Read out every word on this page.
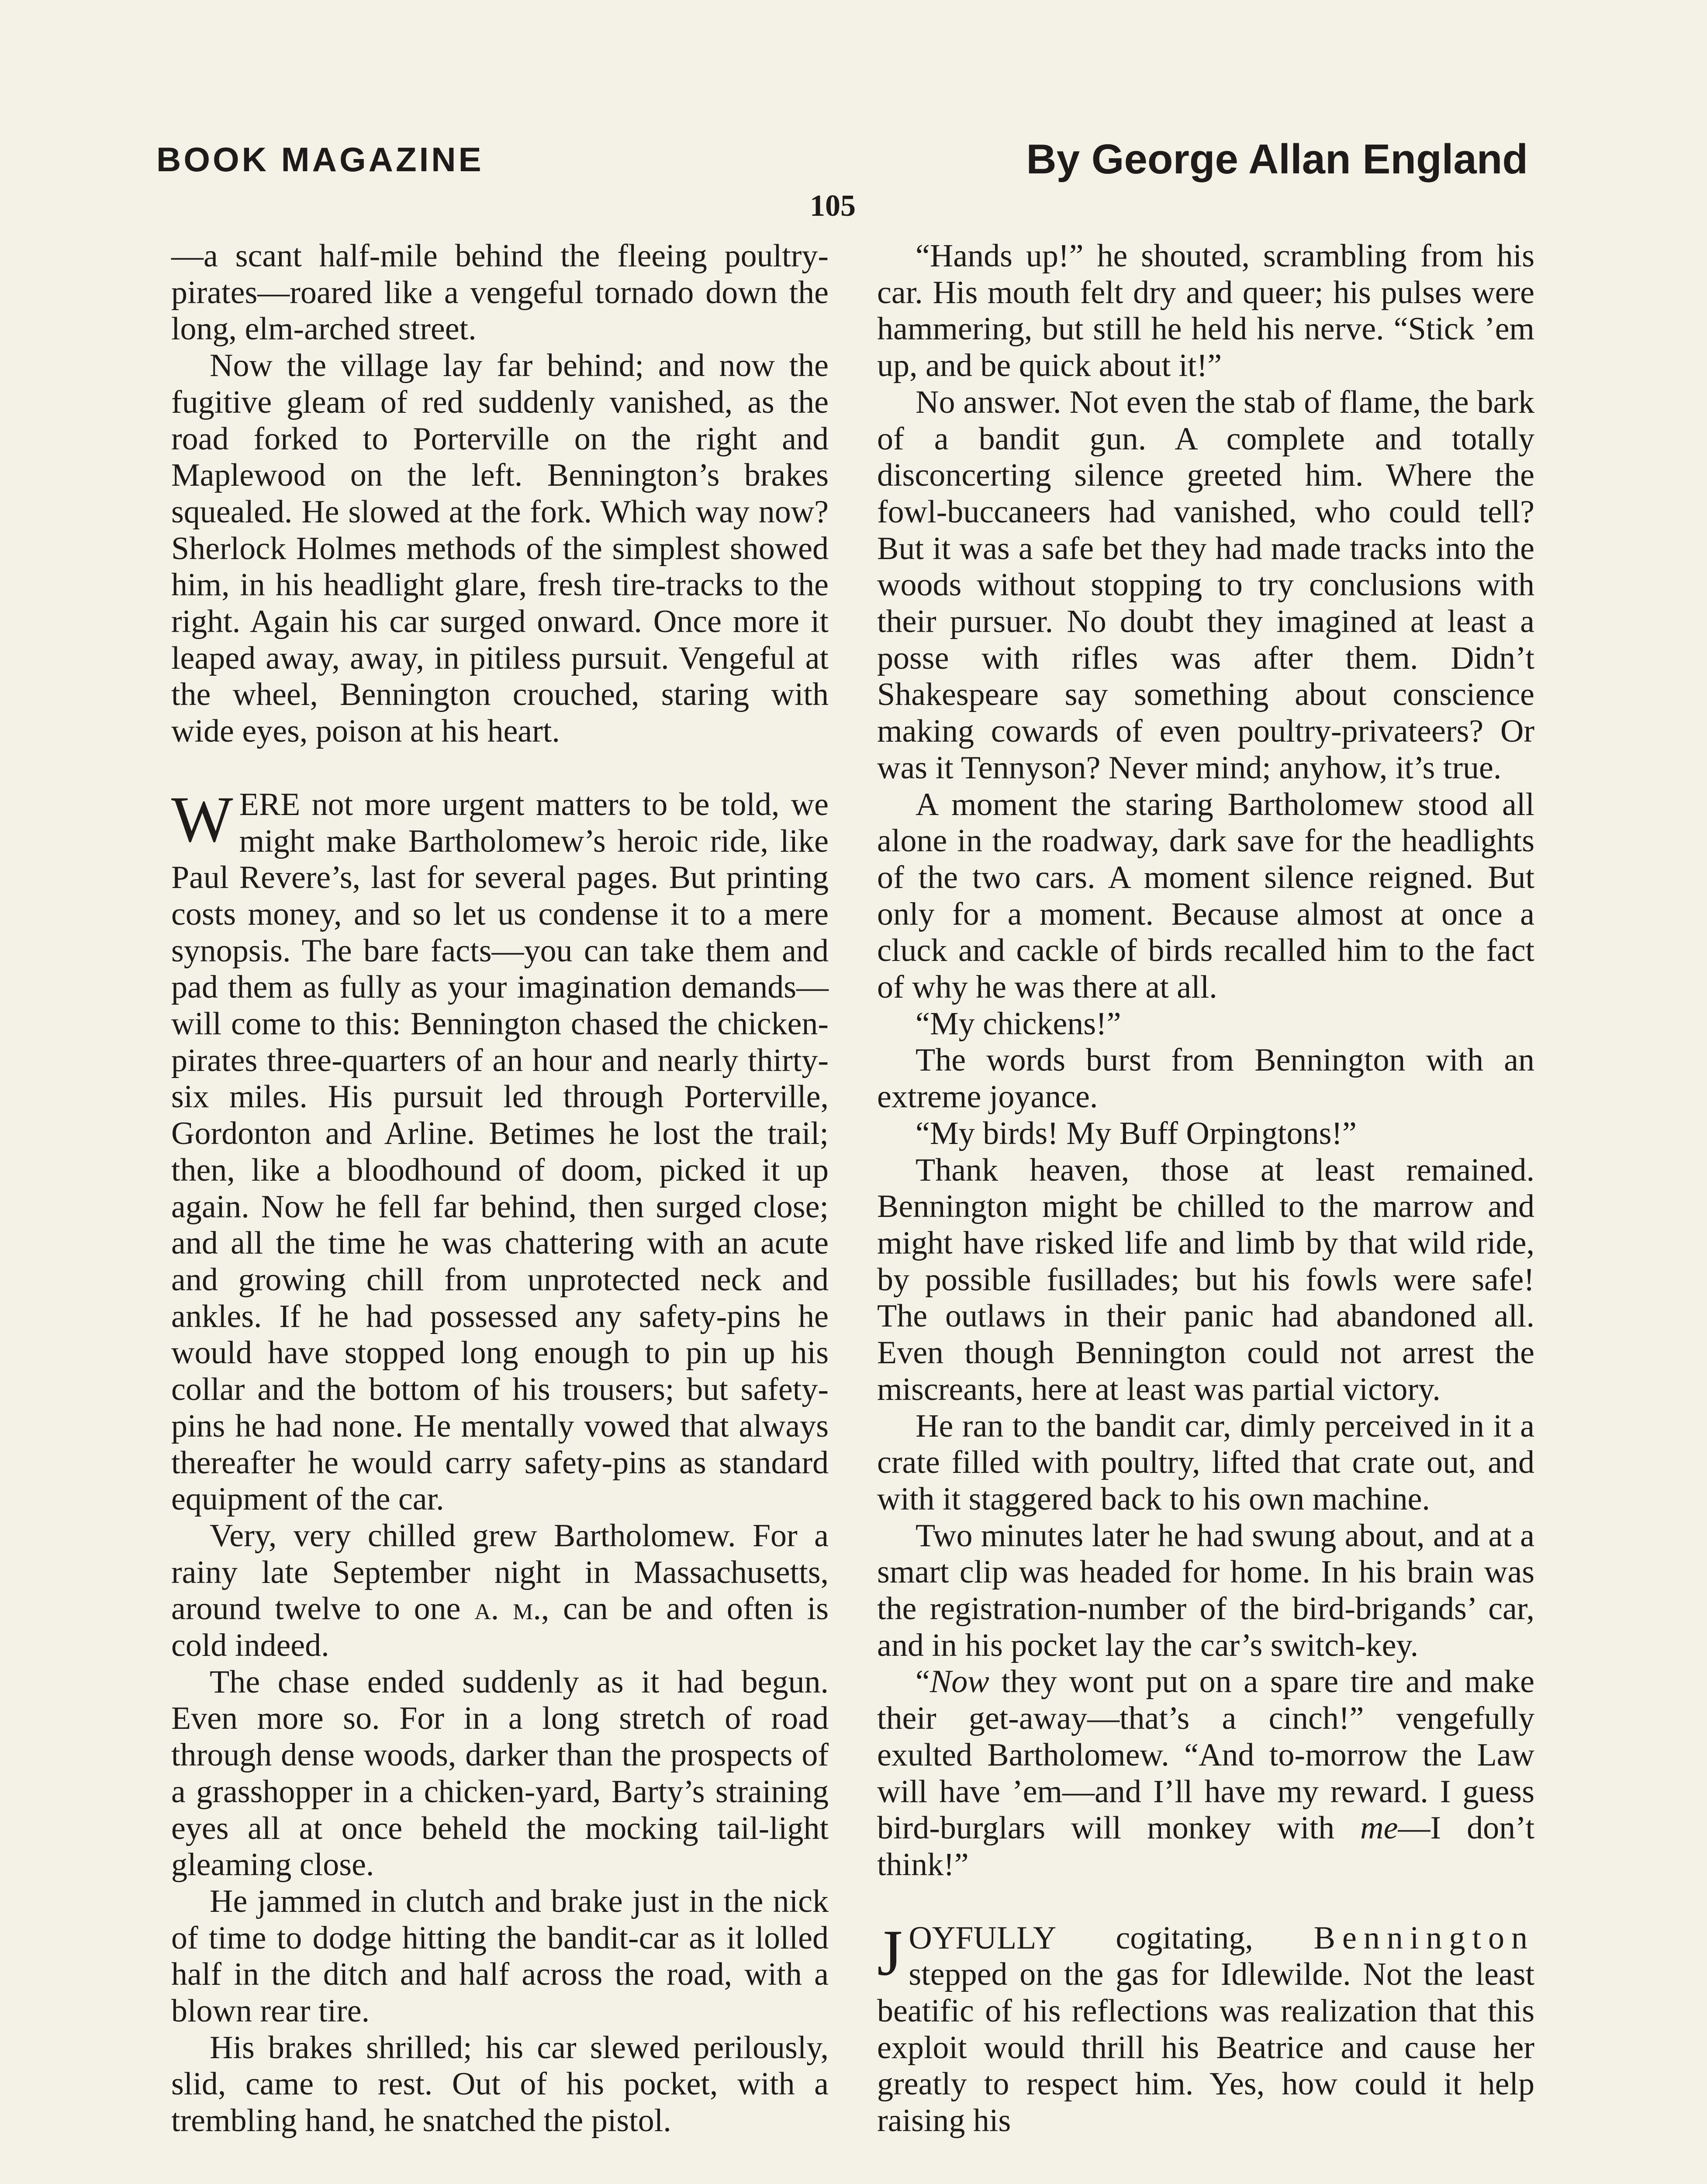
BOOK MAGAZINE	By George Allan England
105

—a scant half-mile behind the fleeing poultry-pirates—roared like a vengeful tornado down the long, elm-arched street.

Now the village lay far behind; and now the fugitive gleam of red suddenly vanished, as the road forked to Porterville on the right and Maplewood on the left. Bennington’s brakes squealed. He slowed at the fork. Which way now? Sherlock Holmes methods of the simplest showed him, in his headlight glare, fresh tire-tracks to the right. Again his car surged onward. Once more it leaped away, away, in pitiless pursuit. Vengeful at the wheel, Bennington crouched, staring with wide eyes, poison at his heart.

WERE not more urgent matters to be told, we might make Bartholomew’s heroic ride, like Paul Revere’s, last for several pages. But printing costs money, and so let us condense it to a mere synopsis. The bare facts—you can take them and pad them as fully as your imagination demands—will come to this: Bennington chased the chicken-pirates three-quarters of an hour and nearly thirty-six miles. His pursuit led through Porterville, Gordonton and Arline. Betimes he lost the trail; then, like a bloodhound of doom, picked it up again. Now he fell far behind, then surged close; and all the time he was chattering with an acute and growing chill from unprotected neck and ankles. If he had possessed any safety-pins he would have stopped long enough to pin up his collar and the bottom of his trousers; but safety-pins he had none. He mentally vowed that always thereafter he would carry safety-pins as standard equipment of the car.

Very, very chilled grew Bartholomew. For a rainy late September night in Massachusetts, around twelve to one a. m., can be and often is cold indeed.

The chase ended suddenly as it had begun. Even more so. For in a long stretch of road through dense woods, darker than the prospects of a grasshopper in a chicken-yard, Barty’s straining eyes all at once beheld the mocking tail-light gleaming close.

He jammed in clutch and brake just in the nick of time to dodge hitting the bandit-car as it lolled half in the ditch and half across the road, with a blown rear tire.

His brakes shrilled; his car slewed perilously, slid, came to rest. Out of his pocket, with a trembling hand, he snatched the pistol.

“Hands up!” he shouted, scrambling from his car. His mouth felt dry and queer; his pulses were hammering, but still he held his nerve. “Stick ’em up, and be quick about it!”

No answer. Not even the stab of flame, the bark of a bandit gun. A complete and totally disconcerting silence greeted him. Where the fowl-buccaneers had vanished, who could tell? But it was a safe bet they had made tracks into the woods without stopping to try conclusions with their pursuer. No doubt they imagined at least a posse with rifles was after them. Didn’t Shakespeare say something about conscience making cowards of even poultry-privateers? Or was it Tennyson? Never mind; anyhow, it’s true.

A moment the staring Bartholomew stood all alone in the roadway, dark save for the headlights of the two cars. A moment silence reigned. But only for a moment. Because almost at once a cluck and cackle of birds recalled him to the fact of why he was there at all.

“My chickens!”

The words burst from Bennington with an extreme joyance.

“My birds! My Buff Orpingtons!”

Thank heaven, those at least remained. Bennington might be chilled to the marrow and might have risked life and limb by that wild ride, by possible fusillades; but his fowls were safe! The outlaws in their panic had abandoned all. Even though Bennington could not arrest the miscreants, here at least was partial victory.

He ran to the bandit car, dimly perceived in it a crate filled with poultry, lifted that crate out, and with it staggered back to his own machine.

Two minutes later he had swung about, and at a smart clip was headed for home. In his brain was the registration-number of the bird-brigands’ car, and in his pocket lay the car’s switch-key.

“Now they wont put on a spare tire and make their get-away—that’s a cinch!” vengefully exulted Bartholomew. “And to-morrow the Law will have ’em—and I’ll have my reward. I guess bird-burglars will monkey with me—I don’t think!”

JOYFULLY cogitating, Bennington stepped on the gas for Idlewilde. Not the least beatific of his reflections was realization that this exploit would thrill his Beatrice and cause her greatly to respect him. Yes, how could it help raising his
